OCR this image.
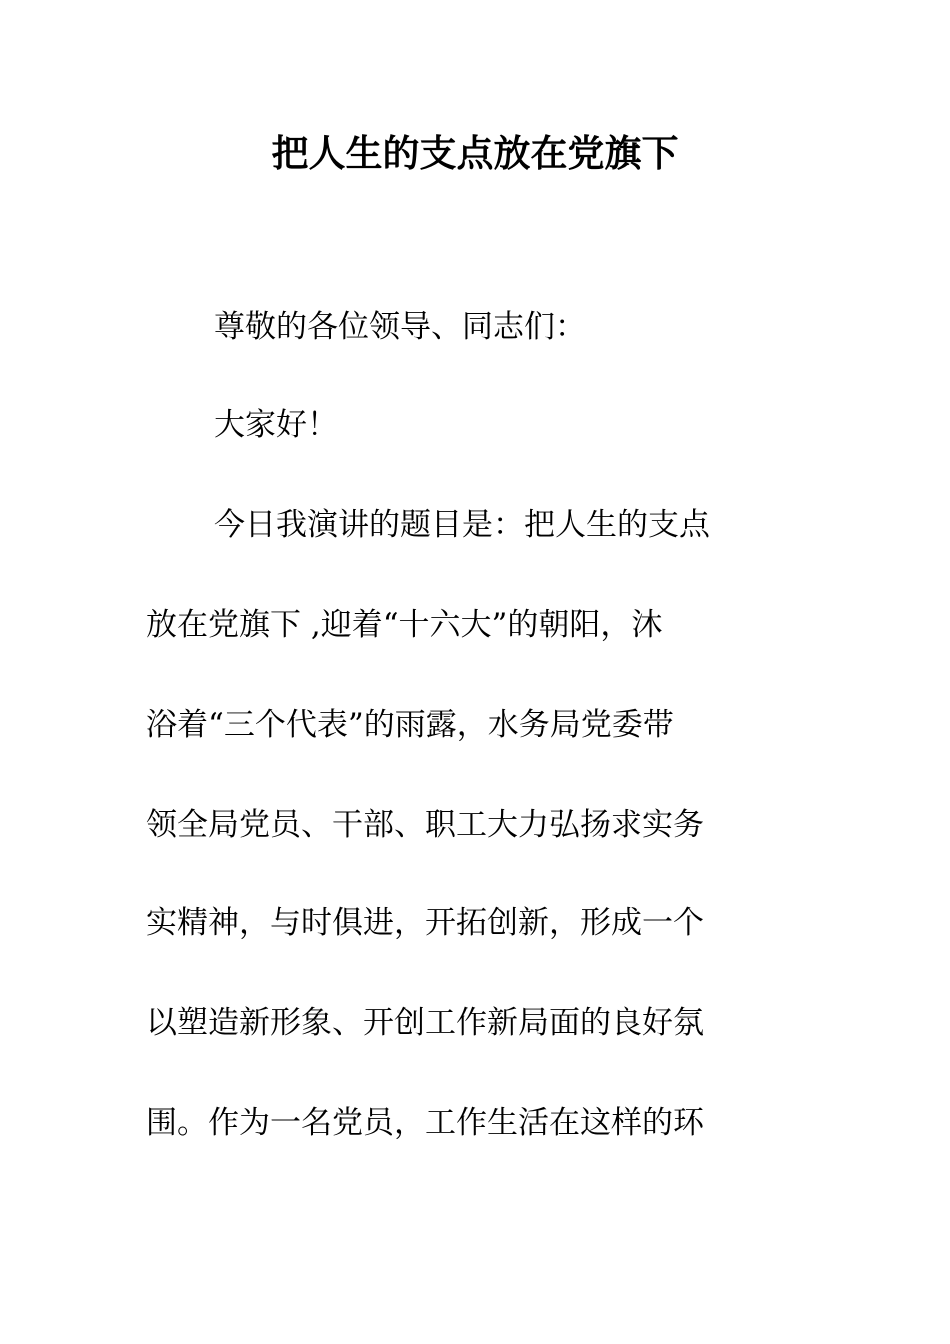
把人生的支点放在党旗下

尊敬的各位领导、同志们：

大家好！

今日我演讲的题目是：把人生的支点

放在党旗下 ,迎着“十六大”的朝阳，沐

浴着“三个代表”的雨露，水务局党委带

领全局党员、干部、职工大力弘扬求实务

实精神，与时俱进，开拓创新，形成一个

以塑造新形象、开创工作新局面的良好氛

围。作为一名党员，工作生活在这样的环
